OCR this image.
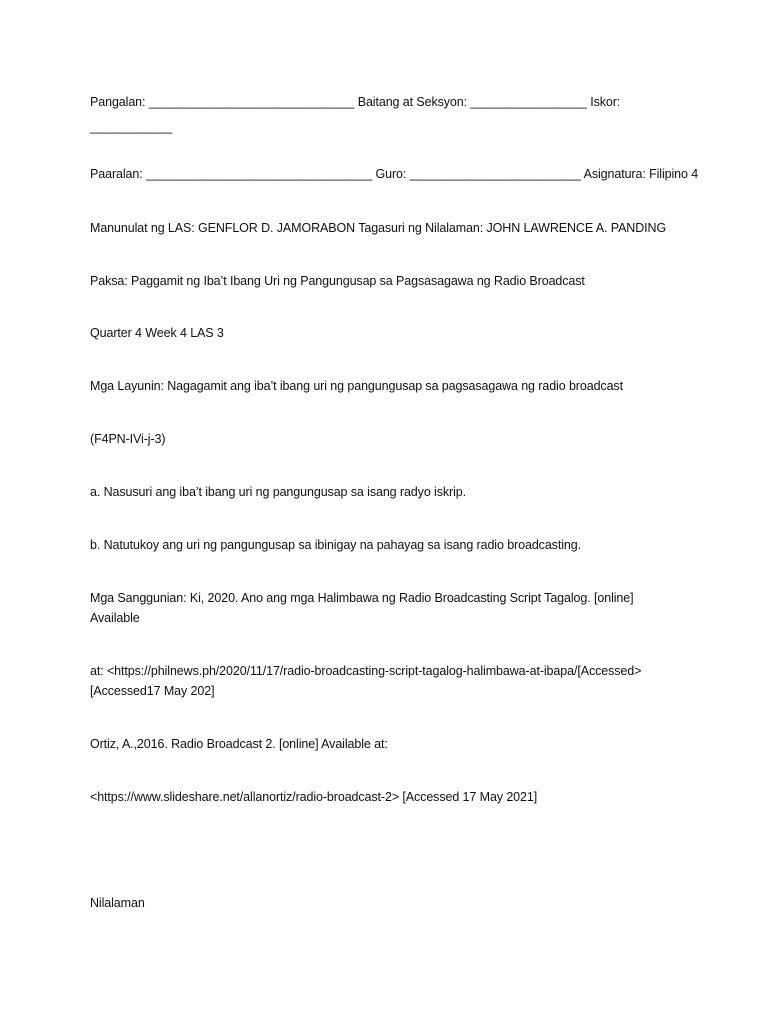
Pangalan: ______________________________ Baitang at Seksyon: _________________ Iskor:
____________
Paaralan: _________________________________ Guro: _________________________ Asignatura: Filipino 4
Manunulat ng LAS: GENFLOR D. JAMORABON Tagasuri ng Nilalaman: JOHN LAWRENCE A. PANDING
Paksa: Paggamit ng Iba’t Ibang Uri ng Pangungusap sa Pagsasagawa ng Radio Broadcast
Quarter 4 Week 4 LAS 3
Mga Layunin: Nagagamit ang iba’t ibang uri ng pangungusap sa pagsasagawa ng radio broadcast
(F4PN-IVi-j-3)
a. Nasusuri ang iba’t ibang uri ng pangungusap sa isang radyo iskrip.
b. Natutukoy ang uri ng pangungusap sa ibinigay na pahayag sa isang radio broadcasting.
Mga Sanggunian: Ki, 2020. Ano ang mga Halimbawa ng Radio Broadcasting Script Tagalog. [online]
Available
at: <https://philnews.ph/2020/11/17/radio-broadcasting-script-tagalog-halimbawa-at-ibapa/[Accessed>
[Accessed17 May 202]
Ortiz, A.,2016. Radio Broadcast 2. [online] Available at:
<https://www.slideshare.net/allanortiz/radio-broadcast-2> [Accessed 17 May 2021]
Nilalaman
